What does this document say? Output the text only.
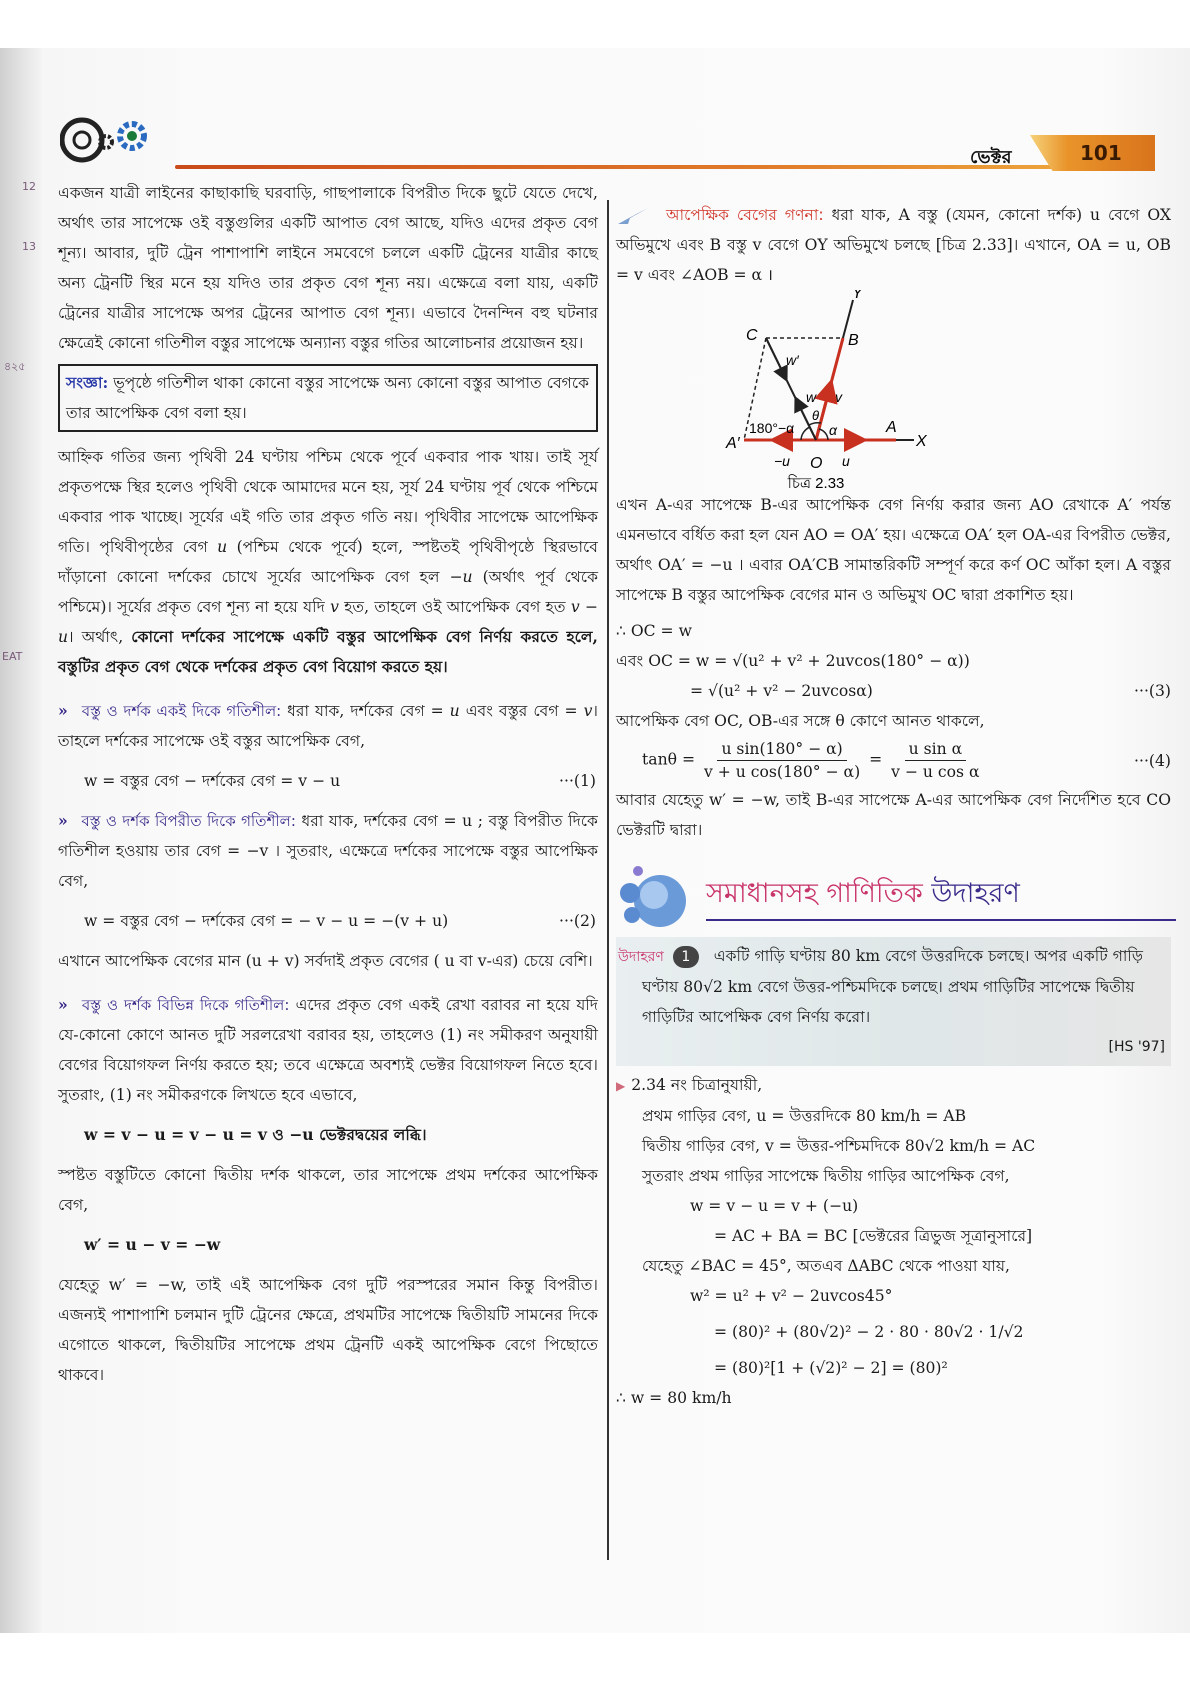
12
13
৪২৫
EAT
ভেক্টর	101

একজন যাত্রী লাইনের কাছাকাছি ঘরবাড়ি, গাছপালাকে বিপরীত দিকে ছুটে যেতে দেখে, অর্থাৎ তার সাপেক্ষে ওই বস্তুগুলির একটি আপাত বেগ আছে, যদিও এদের প্রকৃত বেগ শূন্য। আবার, দুটি ট্রেন পাশাপাশি লাইনে সমবেগে চললে একটি ট্রেনের যাত্রীর কাছে অন্য ট্রেনটি স্থির মনে হয় যদিও তার প্রকৃত বেগ শূন্য নয়। এক্ষেত্রে বলা যায়, একটি ট্রেনের যাত্রীর সাপেক্ষে অপর ট্রেনের আপাত বেগ শূন্য। এভাবে দৈনন্দিন বহু ঘটনার ক্ষেত্রেই কোনো গতিশীল বস্তুর সাপেক্ষে অন্যান্য বস্তুর গতির আলোচনার প্রয়োজন হয়।

সংজ্ঞা: ভূপৃষ্ঠে গতিশীল থাকা কোনো বস্তুর সাপেক্ষে অন্য কোনো বস্তুর আপাত বেগকে তার আপেক্ষিক বেগ বলা হয়।

আহ্নিক গতির জন্য পৃথিবী 24 ঘণ্টায় পশ্চিম থেকে পূর্বে একবার পাক খায়। তাই সূর্য প্রকৃতপক্ষে স্থির হলেও পৃথিবী থেকে আমাদের মনে হয়, সূর্য 24 ঘণ্টায় পূর্ব থেকে পশ্চিমে একবার পাক খাচ্ছে। সূর্যের এই গতি তার প্রকৃত গতি নয়। পৃথিবীর সাপেক্ষে আপেক্ষিক গতি। পৃথিবীপৃষ্ঠের বেগ u (পশ্চিম থেকে পূর্বে) হলে, স্পষ্টতই পৃথিবীপৃষ্ঠে স্থিরভাবে দাঁড়ানো কোনো দর্শকের চোখে সূর্যের আপেক্ষিক বেগ হল −u (অর্থাৎ পূর্ব থেকে পশ্চিমে)। সূর্যের প্রকৃত বেগ শূন্য না হয়ে যদি v হত, তাহলে ওই আপেক্ষিক বেগ হত v − u। অর্থাৎ, কোনো দর্শকের সাপেক্ষে একটি বস্তুর আপেক্ষিক বেগ নির্ণয় করতে হলে, বস্তুটির প্রকৃত বেগ থেকে দর্শকের প্রকৃত বেগ বিয়োগ করতে হয়।

» বস্তু ও দর্শক একই দিকে গতিশীল: ধরা যাক, দর্শকের বেগ = u এবং বস্তুর বেগ = v। তাহলে দর্শকের সাপেক্ষে ওই বস্তুর আপেক্ষিক বেগ,

w = বস্তুর বেগ − দর্শকের বেগ = v − u	···(1)

» বস্তু ও দর্শক বিপরীত দিকে গতিশীল: ধরা যাক, দর্শকের বেগ = u ; বস্তু বিপরীত দিকে গতিশীল হওয়ায় তার বেগ = −v । সুতরাং, এক্ষেত্রে দর্শকের সাপেক্ষে বস্তুর আপেক্ষিক বেগ,

w = বস্তুর বেগ − দর্শকের বেগ = − v − u = −(v + u)	···(2)

এখানে আপেক্ষিক বেগের মান (u + v) সর্বদাই প্রকৃত বেগের ( u বা v-এর) চেয়ে বেশি।

» বস্তু ও দর্শক বিভিন্ন দিকে গতিশীল: এদের প্রকৃত বেগ একই রেখা বরাবর না হয়ে যদি যে-কোনো কোণে আনত দুটি সরলরেখা বরাবর হয়, তাহলেও (1) নং সমীকরণ অনুযায়ী বেগের বিয়োগফল নির্ণয় করতে হয়; তবে এক্ষেত্রে অবশ্যই ভেক্টর বিয়োগফল নিতে হবে। সুতরাং, (1) নং সমীকরণকে লিখতে হবে এভাবে,

w = v − u = v − u = v ও −u ভেক্টরদ্বয়ের লব্ধি।

স্পষ্টত বস্তুটিতে কোনো দ্বিতীয় দর্শক থাকলে, তার সাপেক্ষে প্রথম দর্শকের আপেক্ষিক বেগ,

w′ = u − v = −w

যেহেতু w′ = −w, তাই এই আপেক্ষিক বেগ দুটি পরস্পরের সমান কিন্তু বিপরীত। এজন্যই পাশাপাশি চলমান দুটি ট্রেনের ক্ষেত্রে, প্রথমটির সাপেক্ষে দ্বিতীয়টি সামনের দিকে এগোতে থাকলে, দ্বিতীয়টির সাপেক্ষে প্রথম ট্রেনটি একই আপেক্ষিক বেগে পিছোতে থাকবে।

আপেক্ষিক বেগের গণনা: ধরা যাক, A বস্তু (যেমন, কোনো দর্শক) u বেগে OX অভিমুখে এবং B বস্তু v বেগে OY অভিমুখে চলছে [চিত্র 2.33]। এখানে, OA = u, OB = v এবং ∠AOB = α ।

Y
C	B
w′
w v
θ
180°−α α
A′
A
X
−u O u
চিত্র 2.33

এখন A-এর সাপেক্ষে B-এর আপেক্ষিক বেগ নির্ণয় করার জন্য AO রেখাকে A′ পর্যন্ত এমনভাবে বর্ধিত করা হল যেন AO = OA′ হয়। এক্ষেত্রে OA′ হল OA-এর বিপরীত ভেক্টর, অর্থাৎ OA′ = −u । এবার OA′CB সামান্তরিকটি সম্পূর্ণ করে কর্ণ OC আঁকা হল। A বস্তুর সাপেক্ষে B বস্তুর আপেক্ষিক বেগের মান ও অভিমুখ OC দ্বারা প্রকাশিত হয়।

∴ OC = w

এবং OC = w = √(u² + v² + 2uvcos(180° − α))

= √(u² + v² − 2uvcosα)	···(3)

আপেক্ষিক বেগ OC, OB-এর সঙ্গে θ কোণে আনত থাকলে,

$\tan\theta = \frac{\text{u sin(180° − α)}}{\text{v + u cos(180° − α)}} = \frac{\text{u sin α}}{\text{v − u cos α}}$	···(4)

আবার যেহেতু w′ = −w, তাই B-এর সাপেক্ষে A-এর আপেক্ষিক বেগ নির্দেশিত হবে CO ভেক্টরটি দ্বারা।

সমাধানসহ গাণিতিক উদাহরণ
উদাহরণ 1 একটি গাড়ি ঘণ্টায় 80 km বেগে উত্তরদিকে চলছে। অপর একটি গাড়ি ঘণ্টায় 80√2 km বেগে উত্তর-পশ্চিমদিকে চলছে। প্রথম গাড়িটির সাপেক্ষে দ্বিতীয় গাড়িটির আপেক্ষিক বেগ নির্ণয় করো।
[HS '97]

▶ 2.34 নং চিত্রানুযায়ী,

প্রথম গাড়ির বেগ, u = উত্তরদিকে 80 km/h = AB

দ্বিতীয় গাড়ির বেগ, v = উত্তর-পশ্চিমদিকে 80√2 km/h = AC

সুতরাং প্রথম গাড়ির সাপেক্ষে দ্বিতীয় গাড়ির আপেক্ষিক বেগ,

w = v − u = v + (−u)

= AC + BA = BC [ভেক্টরের ত্রিভুজ সূত্রানুসারে]

যেহেতু ∠BAC = 45°, অতএব ΔABC থেকে পাওয়া যায়,

w² = u² + v² − 2uvcos45°

= (80)² + (80√2)² − 2 · 80 · 80√2 · 1/√2

= (80)²[1 + (√2)² − 2] = (80)²

∴ w = 80 km/h
